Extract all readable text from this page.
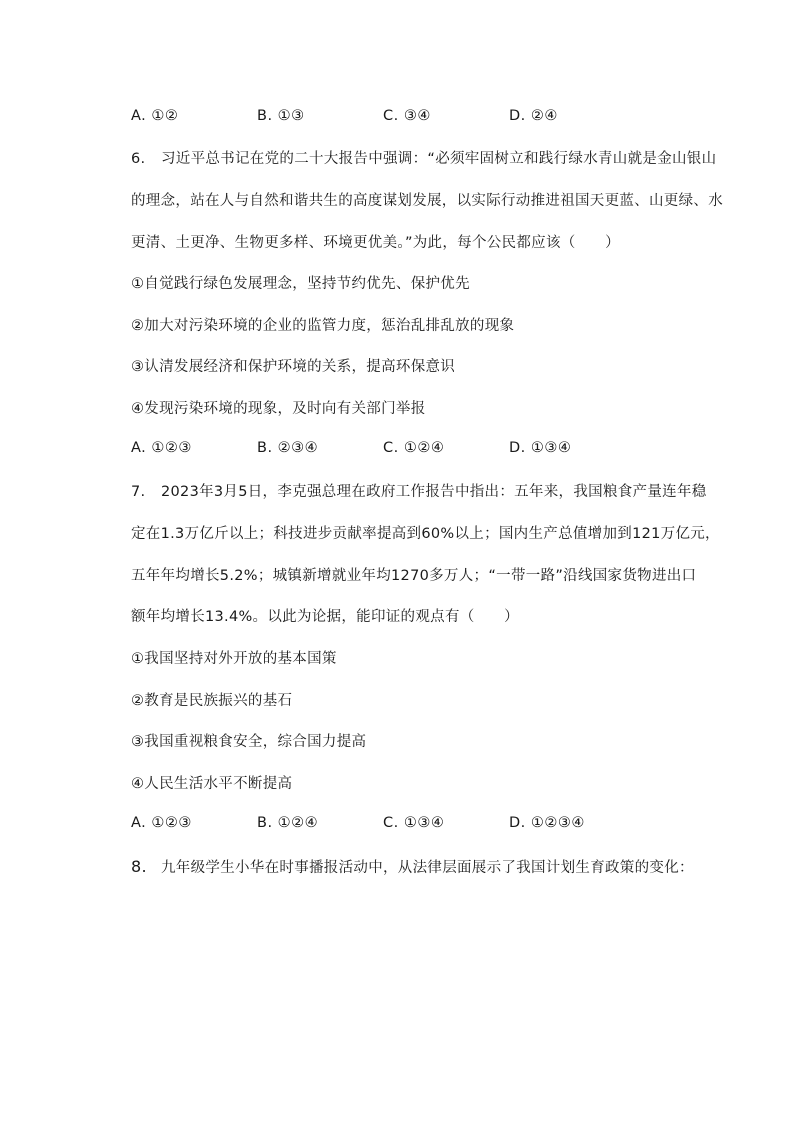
A. ①②	B. ①③	C. ③④	D. ②④
6. 习近平总书记在党的二十大报告中强调：“必须牢固树立和践行绿水青山就是金山银山
的理念，站在人与自然和谐共生的高度谋划发展，以实际行动推进祖国天更蓝、山更绿、水
更清、土更净、生物更多样、环境更优美。”为此，每个公民都应该（　　）
①自觉践行绿色发展理念，坚持节约优先、保护优先
②加大对污染环境的企业的监管力度，惩治乱排乱放的现象
③认清发展经济和保护环境的关系，提高环保意识
④发现污染环境的现象，及时向有关部门举报
A. ①②③	B. ②③④	C. ①②④	D. ①③④
7. 2023年3月5日，李克强总理在政府工作报告中指出：五年来，我国粮食产量连年稳
定在1.3万亿斤以上；科技进步贡献率提高到60%以上；国内生产总值增加到121万亿元，
五年年均增长5.2%；城镇新增就业年均1270多万人；“一带一路”沿线国家货物进出口
额年均增长13.4%。以此为论据，能印证的观点有（　　）
①我国坚持对外开放的基本国策
②教育是民族振兴的基石
③我国重视粮食安全，综合国力提高
④人民生活水平不断提高
A. ①②③	B. ①②④	C. ①③④	D. ①②③④
8. 九年级学生小华在时事播报活动中，从法律层面展示了我国计划生育政策的变化：
